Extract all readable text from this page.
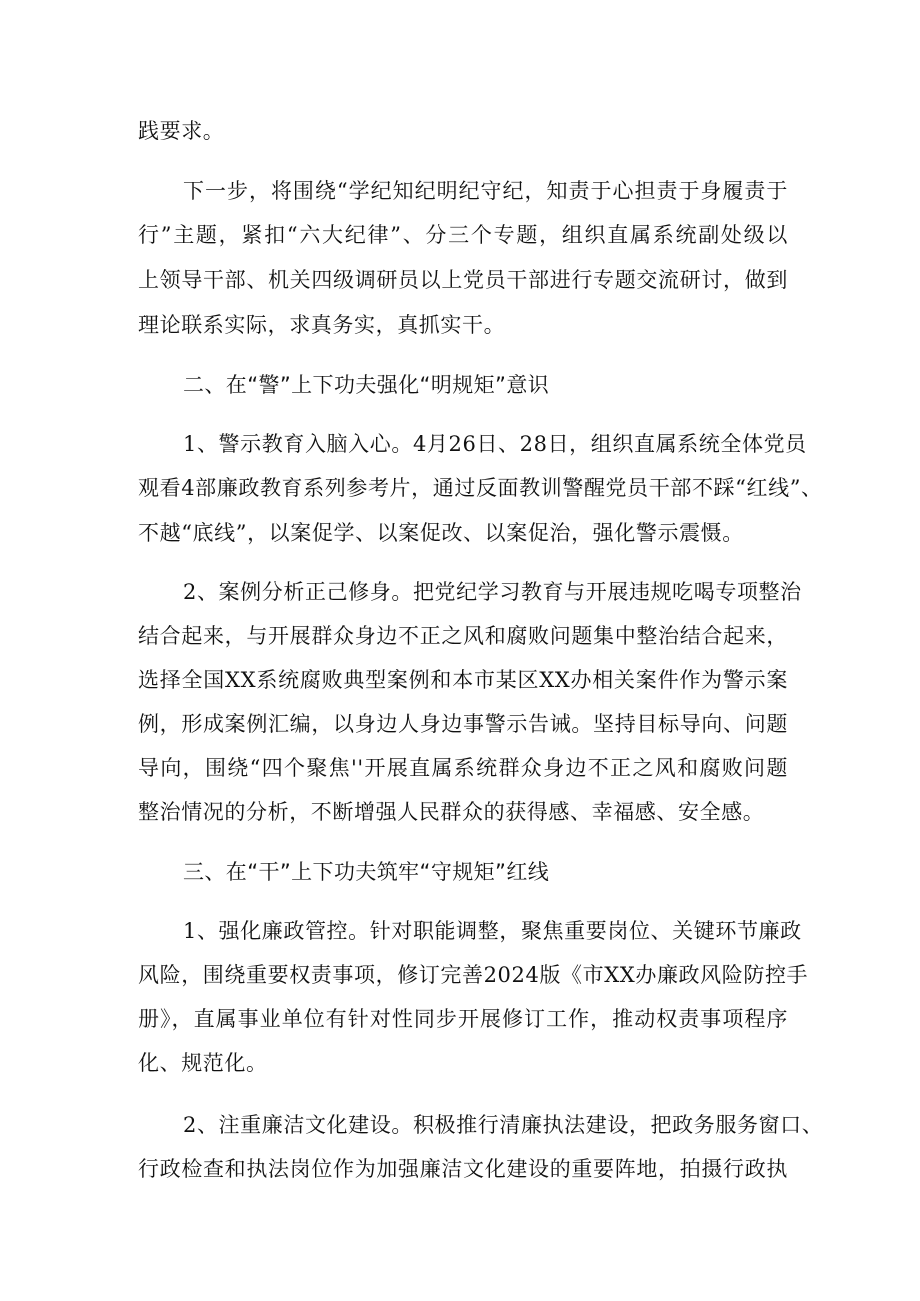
践要求。
下一步，将围绕“学纪知纪明纪守纪，知责于心担责于身履责于
行”主题，紧扣“六大纪律”、分三个专题，组织直属系统副处级以
上领导干部、机关四级调研员以上党员干部进行专题交流研讨，做到
理论联系实际，求真务实，真抓实干。
二、在“警”上下功夫强化“明规矩”意识
1、警示教育入脑入心。4月26日、28日，组织直属系统全体党员
观看4部廉政教育系列参考片，通过反面教训警醒党员干部不踩“红线”、
不越“底线”，以案促学、以案促改、以案促治，强化警示震慑。
2、案例分析正己修身。把党纪学习教育与开展违规吃喝专项整治
结合起来，与开展群众身边不正之风和腐败问题集中整治结合起来，
选择全国XX系统腐败典型案例和本市某区XX办相关案件作为警示案
例，形成案例汇编，以身边人身边事警示告诫。坚持目标导向、问题
导向，围绕“四个聚焦''开展直属系统群众身边不正之风和腐败问题
整治情况的分析，不断增强人民群众的获得感、幸福感、安全感。
三、在“干”上下功夫筑牢“守规矩”红线
1、强化廉政管控。针对职能调整，聚焦重要岗位、关键环节廉政
风险，围绕重要权责事项，修订完善2024版《市XX办廉政风险防控手
册》，直属事业单位有针对性同步开展修订工作，推动权责事项程序
化、规范化。
2、注重廉洁文化建设。积极推行清廉执法建设，把政务服务窗口、
行政检查和执法岗位作为加强廉洁文化建设的重要阵地，拍摄行政执
